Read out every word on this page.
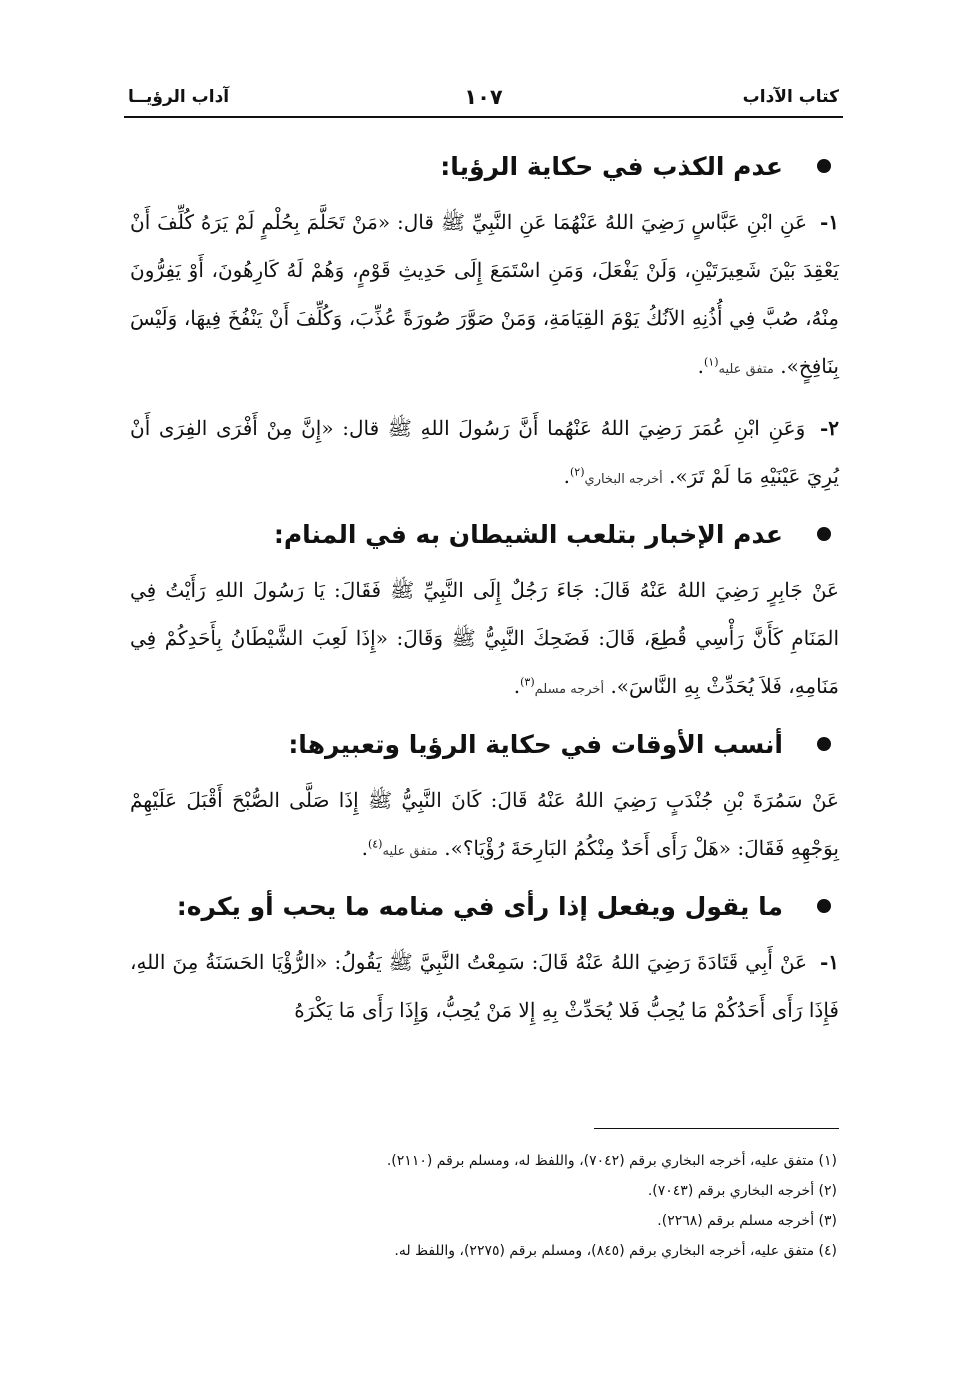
كتاب الآداب
١٠٧
آداب الرؤيــا
عدم الكذب في حكاية الرؤيا:

١- عَنِ ابْنِ عَبَّاسٍ رَضِيَ اللهُ عَنْهُمَا عَنِ النَّبِيِّ ﷺ قال: «مَنْ تَحَلَّمَ بِحُلْمٍ لَمْ يَرَهُ كُلِّفَ أَنْ يَعْقِدَ بَيْنَ شَعِيرَتَيْنِ، وَلَنْ يَفْعَلَ، وَمَنِ اسْتَمَعَ إِلَى حَدِيثِ قَوْمٍ، وَهُمْ لَهُ كَارِهُونَ، أَوْ يَفِرُّونَ مِنْهُ، صُبَّ فِي أُذُنِهِ الآنُكُ يَوْمَ القِيَامَةِ، وَمَنْ صَوَّرَ صُورَةً عُذِّبَ، وَكُلِّفَ أَنْ يَنْفُخَ فِيهَا، وَلَيْسَ بِنَافِخٍ». متفق عليه$^{(١)}$.

٢- وَعَنِ ابْنِ عُمَرَ رَضِيَ اللهُ عَنْهُما أَنَّ رَسُولَ اللهِ ﷺ قال: «إِنَّ مِنْ أَفْرَى الفِرَى أَنْ يُرِيَ عَيْنَيْهِ مَا لَمْ تَرَ». أخرجه البخاري$^{(٢)}$.

عدم الإخبار بتلعب الشيطان به في المنام:

عَنْ جَابِرٍ رَضِيَ اللهُ عَنْهُ قَالَ: جَاءَ رَجُلٌ إِلَى النَّبِيِّ ﷺ فَقَالَ: يَا رَسُولَ اللهِ رَأَيْتُ فِي المَنَامِ كَأَنَّ رَأْسِي قُطِعَ، قَالَ: فَضَحِكَ النَّبِيُّ ﷺ وَقَالَ: «إِذَا لَعِبَ الشَّيْطَانُ بِأَحَدِكُمْ فِي مَنَامِهِ، فَلاَ يُحَدِّثْ بِهِ النَّاسَ». أخرجه مسلم$^{(٣)}$.

أنسب الأوقات في حكاية الرؤيا وتعبيرها:

عَنْ سَمُرَةَ بْنِ جُنْدَبٍ رَضِيَ اللهُ عَنْهُ قَالَ: كَانَ النَّبِيُّ ﷺ إِذَا صَلَّى الصُّبْحَ أَقْبَلَ عَلَيْهِمْ بِوَجْهِهِ فَقَالَ: «هَلْ رَأَى أَحَدٌ مِنْكُمُ البَارِحَةَ رُؤْيَا؟». متفق عليه$^{(٤)}$.

ما يقول ويفعل إذا رأى في منامه ما يحب أو يكره:

١- عَنْ أَبِي قَتَادَةَ رَضِيَ اللهُ عَنْهُ قَالَ: سَمِعْتُ النَّبِيَّ ﷺ يَقُولُ: «الرُّؤْيَا الحَسَنَةُ مِنَ اللهِ، فَإِذَا رَأَى أَحَدُكُمْ مَا يُحِبُّ فَلا يُحَدِّثْ بِهِ إِلا مَنْ يُحِبُّ، وَإِذَا رَأَى مَا يَكْرَهُ

(١) متفق عليه، أخرجه البخاري برقم (٧٠٤٢)، واللفظ له، ومسلم برقم (٢١١٠).

(٢) أخرجه البخاري برقم (٧٠٤٣).

(٣) أخرجه مسلم برقم (٢٢٦٨).

(٤) متفق عليه، أخرجه البخاري برقم (٨٤٥)، ومسلم برقم (٢٢٧٥)، واللفظ له.
